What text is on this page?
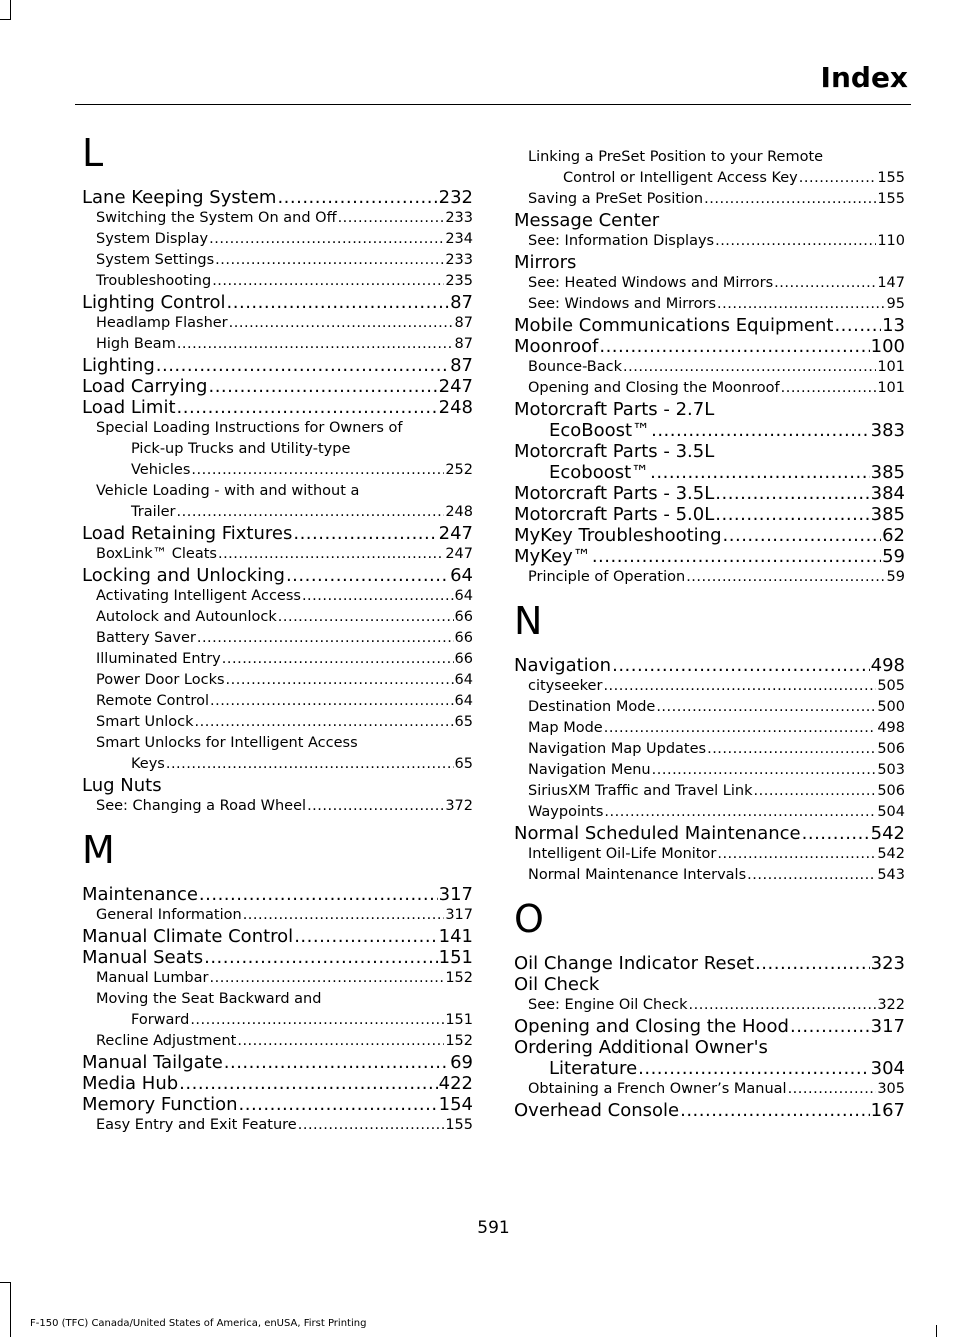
Index
L
Lane Keeping System .....	232
Switching the System On and Off .....	233
System Display .....	234
System Settings .....	233
Troubleshooting .....	235
Lighting Control .....	87
Headlamp Flasher .....	87
High Beam .....	87
Lighting .....	87
Load Carrying .....	247
Load Limit .....	248
Special Loading Instructions for Owners of
Pick-up Trucks and Utility-type
Vehicles .....	252
Vehicle Loading - with and without a
Trailer .....	248
Load Retaining Fixtures .....	247
BoxLink™ Cleats .....	247
Locking and Unlocking .....	64
Activating Intelligent Access .....	64
Autolock and Autounlock .....	66
Battery Saver .....	66
Illuminated Entry .....	66
Power Door Locks .....	64
Remote Control .....	64
Smart Unlock .....	65
Smart Unlocks for Intelligent Access
Keys .....	65
Lug Nuts
See: Changing a Road Wheel .....	372
M
Maintenance .....	317
General Information .....	317
Manual Climate Control .....	141
Manual Seats .....	151
Manual Lumbar .....	152
Moving the Seat Backward and
Forward .....	151
Recline Adjustment .....	152
Manual Tailgate .....	69
Media Hub .....	422
Memory Function .....	154
Easy Entry and Exit Feature .....	155
Linking a PreSet Position to your Remote
Control or Intelligent Access Key .....	155
Saving a PreSet Position .....	155
Message Center
See: Information Displays .....	110
Mirrors
See: Heated Windows and Mirrors .....	147
See: Windows and Mirrors .....	95
Mobile Communications Equipment .....	13
Moonroof .....	100
Bounce-Back .....	101
Opening and Closing the Moonroof .....	101
Motorcraft Parts - 2.7L
EcoBoost™ .....	383
Motorcraft Parts - 3.5L
Ecoboost™ .....	385
Motorcraft Parts - 3.5L .....	384
Motorcraft Parts - 5.0L .....	385
MyKey Troubleshooting .....	62
MyKey™ .....	59
Principle of Operation .....	59
N
Navigation .....	498
cityseeker .....	505
Destination Mode .....	500
Map Mode .....	498
Navigation Map Updates .....	506
Navigation Menu .....	503
SiriusXM Traffic and Travel Link .....	506
Waypoints .....	504
Normal Scheduled Maintenance .....	542
Intelligent Oil-Life Monitor .....	542
Normal Maintenance Intervals .....	543
O
Oil Change Indicator Reset .....	323
Oil Check
See: Engine Oil Check .....	322
Opening and Closing the Hood .....	317
Ordering Additional Owner's
Literature .....	304
Obtaining a French Owner’s Manual .....	305
Overhead Console .....	167
591
F-150 (TFC) Canada/United States of America, enUSA, First Printing
